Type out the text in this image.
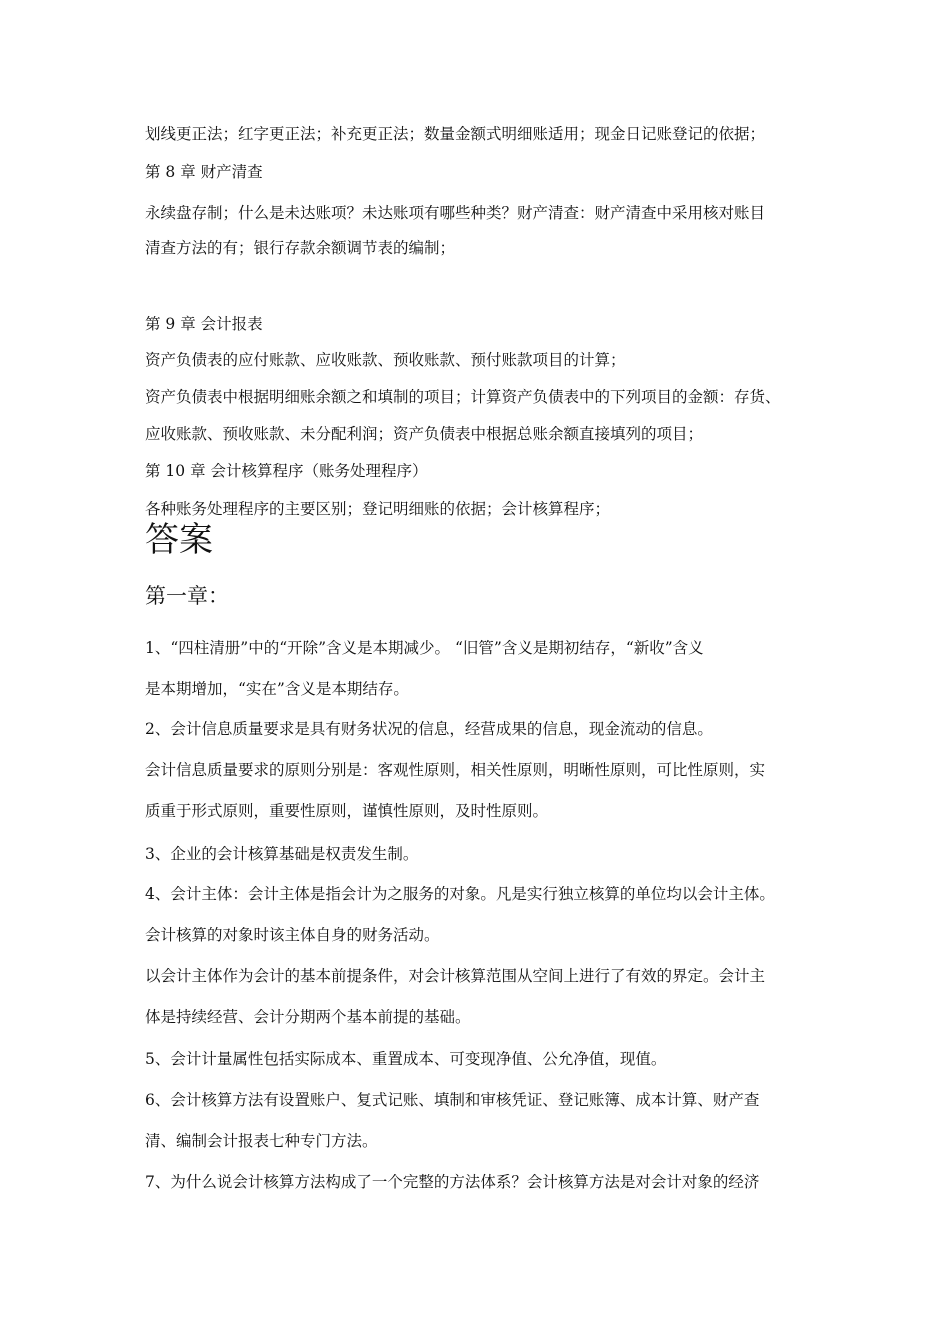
划线更正法；红字更正法；补充更正法；数量金额式明细账适用；现金日记账登记的依据；
第 8 章 财产清查
永续盘存制；什么是未达账项？未达账项有哪些种类？财产清查：财产清查中采用核对账目
清查方法的有；银行存款余额调节表的编制；
第 9 章 会计报表
资产负债表的应付账款、应收账款、预收账款、预付账款项目的计算；
资产负债表中根据明细账余额之和填制的项目；计算资产负债表中的下列项目的金额：存货、
应收账款、预收账款、未分配利润；资产负债表中根据总账余额直接填列的项目；
第 10 章 会计核算程序（账务处理程序）
各种账务处理程序的主要区别；登记明细账的依据；会计核算程序；
答案
第一章：
1、“四柱清册”中的“开除”含义是本期减少。 “旧管”含义是期初结存，“新收”含义
是本期增加，“实在”含义是本期结存。
2、会计信息质量要求是具有财务状况的信息，经营成果的信息，现金流动的信息。
会计信息质量要求的原则分别是：客观性原则，相关性原则，明晰性原则，可比性原则，实
质重于形式原则，重要性原则，谨慎性原则，及时性原则。
3、企业的会计核算基础是权责发生制。
4、会计主体：会计主体是指会计为之服务的对象。凡是实行独立核算的单位均以会计主体。
会计核算的对象时该主体自身的财务活动。
以会计主体作为会计的基本前提条件，对会计核算范围从空间上进行了有效的界定。会计主
体是持续经营、会计分期两个基本前提的基础。
5、会计计量属性包括实际成本、重置成本、可变现净值、公允净值，现值。
6、会计核算方法有设置账户、复式记账、填制和审核凭证、登记账簿、成本计算、财产查
清、编制会计报表七种专门方法。
7、为什么说会计核算方法构成了一个完整的方法体系？会计核算方法是对会计对象的经济
